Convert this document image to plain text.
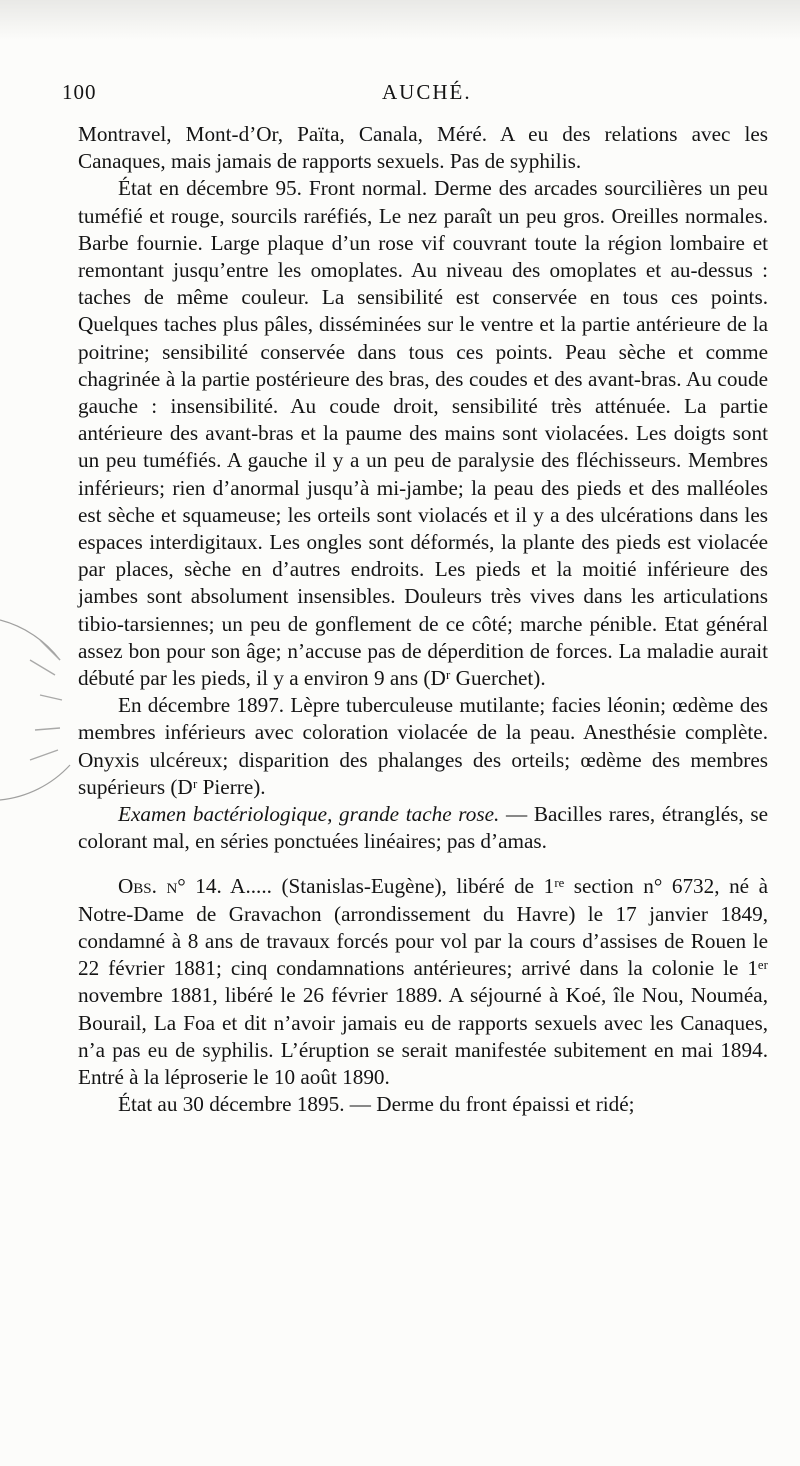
100	AUCHÉ.

Montravel, Mont-d’Or, Païta, Canala, Méré. A eu des relations avec les Canaques, mais jamais de rapports sexuels. Pas de syphilis.

État en décembre 95. Front normal. Derme des arcades sourcilières un peu tuméfié et rouge, sourcils raréfiés, Le nez paraît un peu gros. Oreilles normales. Barbe fournie. Large plaque d’un rose vif couvrant toute la région lombaire et remontant jusqu’entre les omoplates. Au niveau des omoplates et au-dessus : taches de même couleur. La sensibilité est conservée en tous ces points. Quelques taches plus pâles, disséminées sur le ventre et la partie antérieure de la poitrine; sensibilité conservée dans tous ces points. Peau sèche et comme chagrinée à la partie postérieure des bras, des coudes et des avant-bras. Au coude gauche : insensibilité. Au coude droit, sensibilité très atténuée. La partie antérieure des avant-bras et la paume des mains sont violacées. Les doigts sont un peu tuméfiés. A gauche il y a un peu de paralysie des fléchisseurs. Membres inférieurs; rien d’anormal jusqu’à mi-jambe; la peau des pieds et des malléoles est sèche et squameuse; les orteils sont violacés et il y a des ulcérations dans les espaces interdigitaux. Les ongles sont déformés, la plante des pieds est violacée par places, sèche en d’autres endroits. Les pieds et la moitié inférieure des jambes sont absolument insensibles. Douleurs très vives dans les articulations tibio-tarsiennes; un peu de gonflement de ce côté; marche pénible. Etat général assez bon pour son âge; n’accuse pas de déperdition de forces. La maladie aurait débuté par les pieds, il y a environ 9 ans (Dʳ Guerchet).

En décembre 1897. Lèpre tuberculeuse mutilante; facies léonin; œdème des membres inférieurs avec coloration violacée de la peau. Anesthésie complète. Onyxis ulcéreux; disparition des phalanges des orteils; œdème des membres supérieurs (Dʳ Pierre).

Examen bactériologique, grande tache rose. — Bacilles rares, étranglés, se colorant mal, en séries ponctuées linéaires; pas d’amas.

Obs. n° 14. A..... (Stanislas-Eugène), libéré de 1ʳᵉ section n° 6732, né à Notre-Dame de Gravachon (arrondissement du Havre) le 17 janvier 1849, condamné à 8 ans de travaux forcés pour vol par la cours d’assises de Rouen le 22 février 1881; cinq condamnations antérieures; arrivé dans la colonie le 1ᵉʳ novembre 1881, libéré le 26 février 1889. A séjourné à Koé, île Nou, Nouméa, Bourail, La Foa et dit n’avoir jamais eu de rapports sexuels avec les Canaques, n’a pas eu de syphilis. L’éruption se serait manifestée subitement en mai 1894. Entré à la léproserie le 10 août 1890.

État au 30 décembre 1895. — Derme du front épaissi et ridé;
